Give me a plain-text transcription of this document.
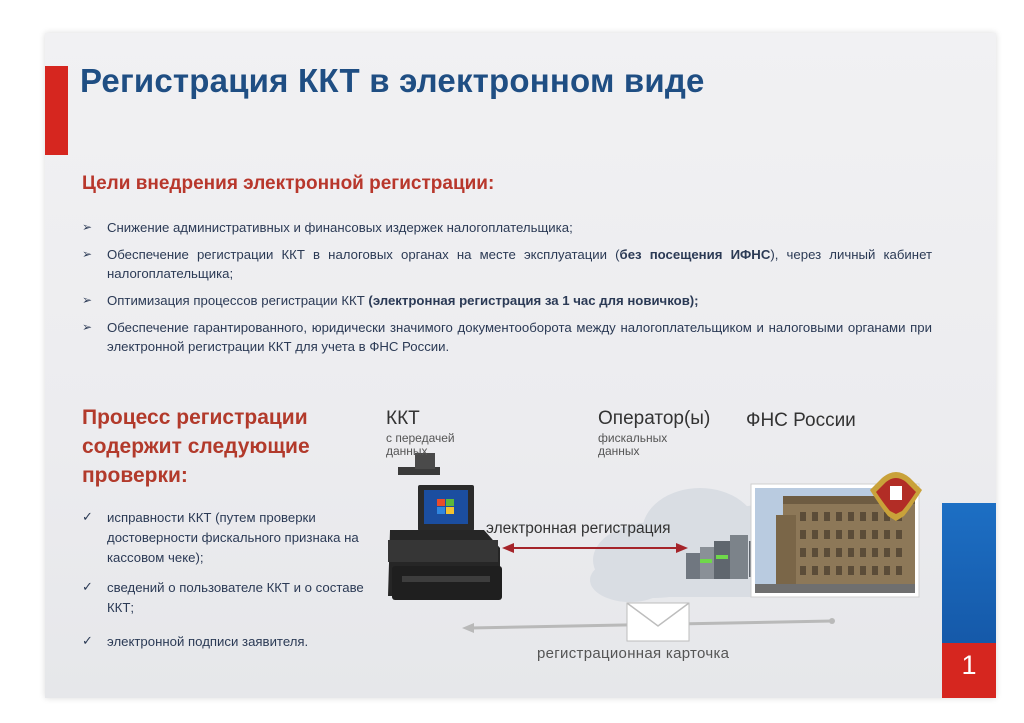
Регистрация ККТ в электронном виде
Цели внедрения электронной регистрации:
➢ Снижение административных и финансовых издержек налогоплательщика;
➢ Обеспечение регистрации ККТ в налоговых органах на месте эксплуатации (без посещения ИФНС), через личный кабинет налогоплательщика;
➢ Оптимизация процессов регистрации ККТ (электронная регистрация за 1 час для новичков);
➢ Обеспечение гарантированного, юридически значимого документооборота между налогоплательщиком и налоговыми органами при электронной регистрации ККТ для учета в ФНС России.
Процесс регистрации содержит следующие проверки:
✓ исправности ККТ (путем проверки достоверности фискального признака на кассовом чеке);
✓ сведений о пользователе ККТ и о составе ККТ;
✓ электронной подписи заявителя.
ККТ
с передачей данных
Оператор(ы)
фискальных данных
ФНС России
электронная регистрация
регистрационная карточка	1
